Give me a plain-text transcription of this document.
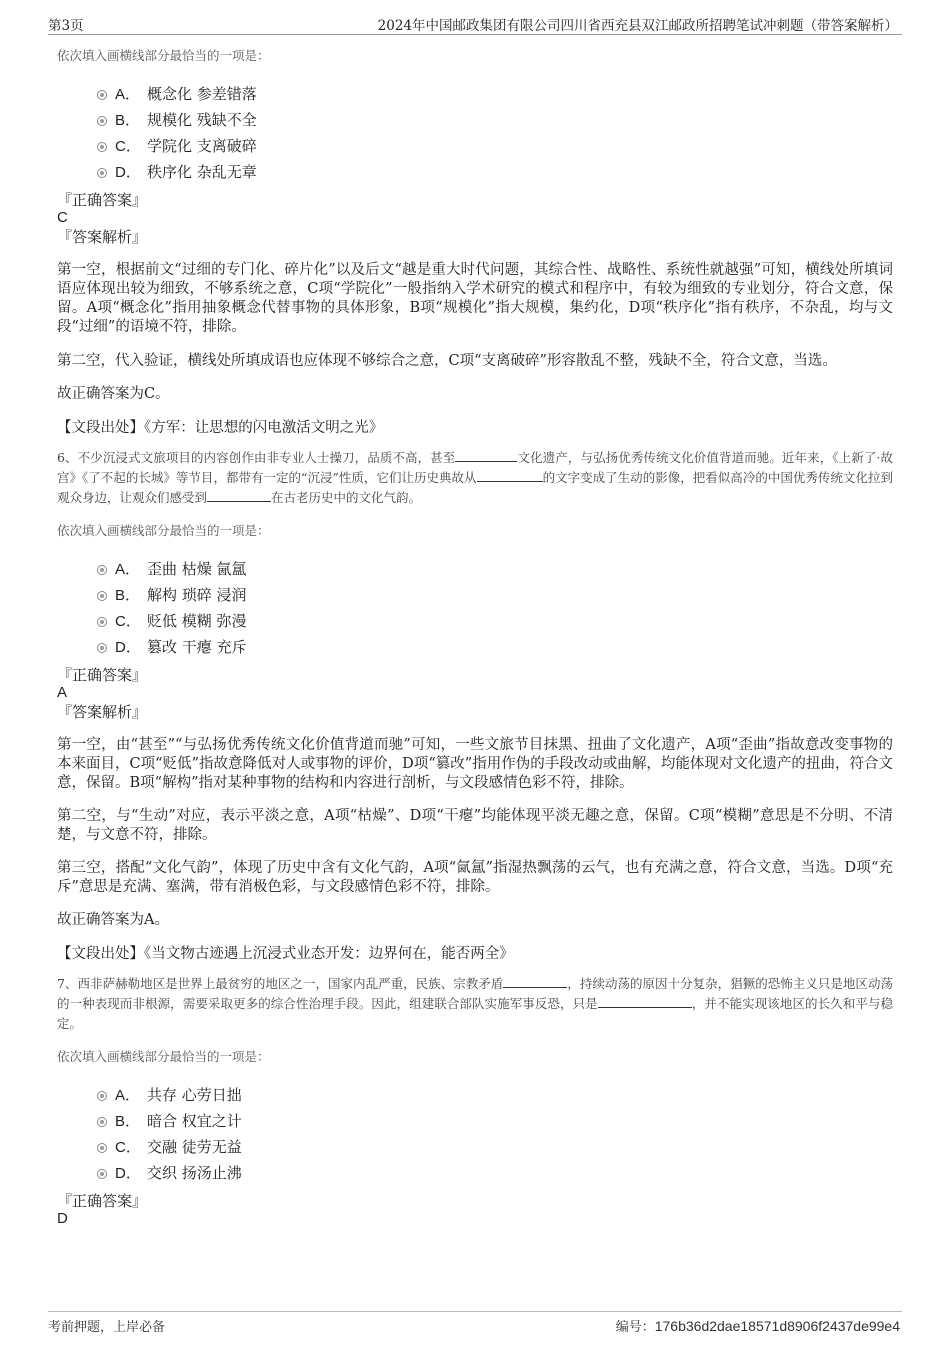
第3页	2024年中国邮政集团有限公司四川省西充县双江邮政所招聘笔试冲刺题（带答案解析）

依次填入画横线部分最恰当的一项是：

A． 概念化 参差错落
B． 规模化 残缺不全
C． 学院化 支离破碎
D． 秩序化 杂乱无章

『正确答案』

C

『答案解析』

第一空，根据前文“过细的专门化、碎片化”以及后文“越是重大时代问题，其综合性、战略性、系统性就越强”可知，横线处所填词语应体现出较为细致，不够系统之意，C项“学院化”一般指纳入学术研究的模式和程序中，有较为细致的专业划分，符合文意，保留。A项“概念化”指用抽象概念代替事物的具体形象，B项“规模化”指大规模，集约化，D项“秩序化”指有秩序，不杂乱，均与文段“过细”的语境不符，排除。

第二空，代入验证，横线处所填成语也应体现不够综合之意，C项“支离破碎”形容散乱不整，残缺不全，符合文意，当选。

故正确答案为C。

【文段出处】《方军：让思想的闪电激活文明之光》

6、不少沉浸式文旅项目的内容创作由非专业人士操刀，品质不高，甚至	文化遗产，与弘扬优秀传统文化价值背道而驰。近年来，《上新了·故宫》《了不起的长城》等节目，都带有一定的“沉浸”性质，它们让历史典故从	的文字变成了生动的影像，把看似高冷的中国优秀传统文化拉到观众身边，让观众们感受到	在古老历史中的文化气韵。

依次填入画横线部分最恰当的一项是：

A． 歪曲 枯燥 氤氲
B． 解构 琐碎 浸润
C． 贬低 模糊 弥漫
D． 篡改 干瘪 充斥

『正确答案』

A

『答案解析』

第一空，由“甚至”“与弘扬优秀传统文化价值背道而驰”可知，一些文旅节目抹黑、扭曲了文化遗产，A项“歪曲”指故意改变事物的本来面目，C项“贬低”指故意降低对人或事物的评价，D项“篡改”指用作伪的手段改动或曲解，均能体现对文化遗产的扭曲，符合文意，保留。B项“解构”指对某种事物的结构和内容进行剖析，与文段感情色彩不符，排除。

第二空，与“生动”对应，表示平淡之意，A项“枯燥”、D项“干瘪”均能体现平淡无趣之意，保留。C项“模糊”意思是不分明、不清楚，与文意不符，排除。

第三空，搭配“文化气韵”，体现了历史中含有文化气韵，A项“氤氲”指湿热飘荡的云气，也有充满之意，符合文意，当选。D项“充斥”意思是充满、塞满，带有消极色彩，与文段感情色彩不符，排除。

故正确答案为A。

【文段出处】《当文物古迹遇上沉浸式业态开发：边界何在，能否两全》

7、西非萨赫勒地区是世界上最贫穷的地区之一，国家内乱严重，民族、宗教矛盾	，持续动荡的原因十分复杂，猖獗的恐怖主义只是地区动荡的一种表现而非根源，需要采取更多的综合性治理手段。因此，组建联合部队实施军事反恐，只是	，并不能实现该地区的长久和平与稳定。

依次填入画横线部分最恰当的一项是：

A． 共存 心劳日拙
B． 暗合 权宜之计
C． 交融 徒劳无益
D． 交织 扬汤止沸

『正确答案』

D

考前押题，上岸必备	编号：176b36d2dae18571d8906f2437de99e4
